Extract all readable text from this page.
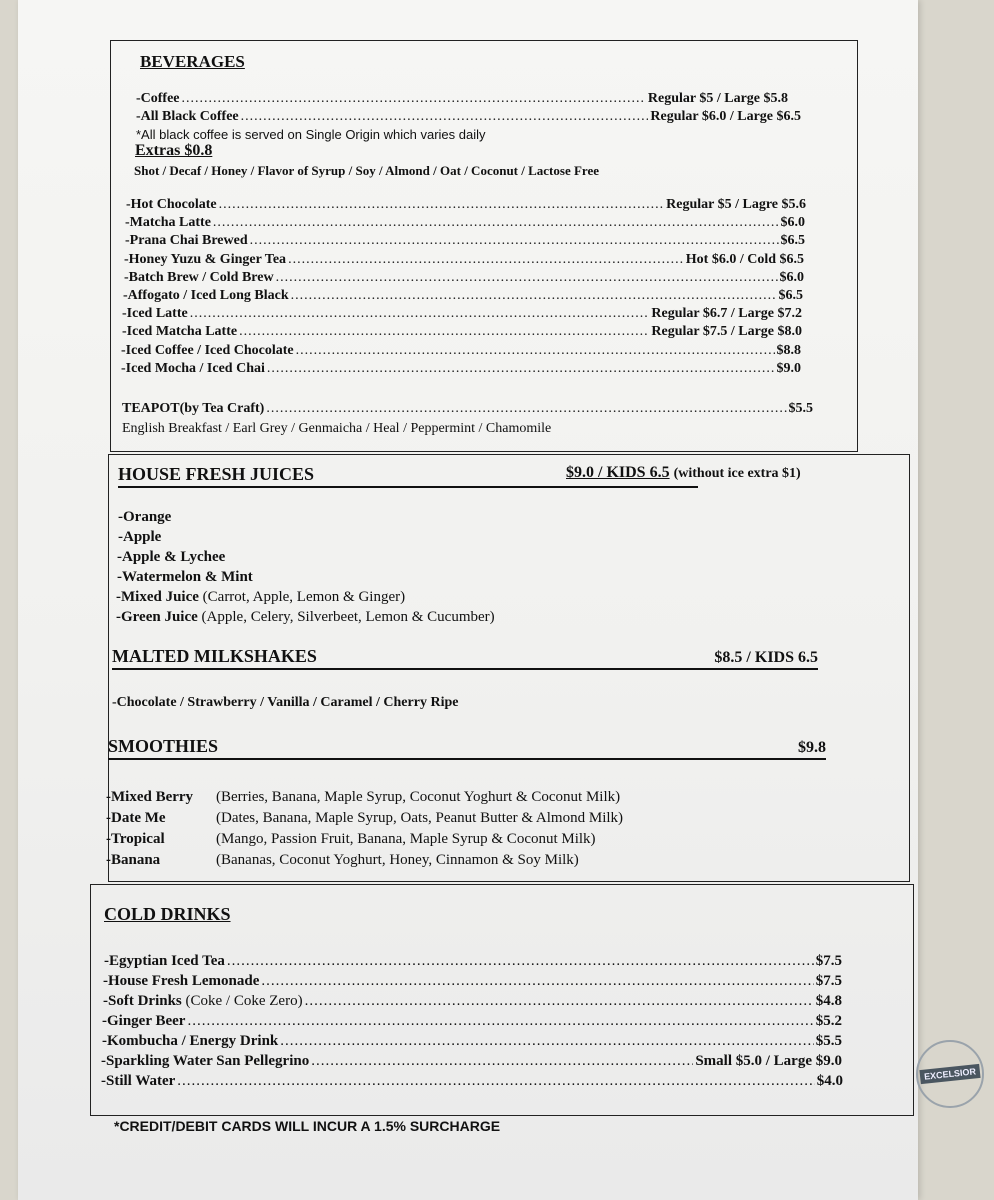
BEVERAGES
-Coffee .....	Regular $5 / Large $5.8
-All Black Coffee .....	Regular $6.0 / Large $6.5
*All black coffee is served on Single Origin which varies daily
Extras $0.8
Shot / Decaf / Honey / Flavor of Syrup / Soy / Almond / Oat / Coconut / Lactose Free
-Hot Chocolate .....	Regular $5 / Lagre $5.6
-Matcha Latte .....	$6.0
-Prana Chai Brewed .....	$6.5
-Honey Yuzu & Ginger Tea .....	Hot $6.0 / Cold $6.5
-Batch Brew / Cold Brew .....	$6.0
-Affogato / Iced Long Black .....	$6.5
-Iced Latte .....	Regular $6.7 / Large $7.2
-Iced Matcha Latte .....	Regular $7.5 / Large $8.0
-Iced Coffee / Iced Chocolate .....	$8.8
-Iced Mocha / Iced Chai .....	$9.0
TEAPOT(by Tea Craft) .....	$5.5
English Breakfast / Earl Grey / Genmaicha / Heal / Peppermint / Chamomile
HOUSE FRESH JUICES	$9.0 / KIDS 6.5 (without ice extra $1)
-Orange
-Apple
-Apple & Lychee
-Watermelon & Mint
-Mixed Juice (Carrot, Apple, Lemon & Ginger)
-Green Juice (Apple, Celery, Silverbeet, Lemon & Cucumber)
MALTED MILKSHAKES	$8.5 / KIDS 6.5
-Chocolate / Strawberry / Vanilla / Caramel / Cherry Ripe
SMOOTHIES	$9.8
-Mixed Berry (Berries, Banana, Maple Syrup, Coconut Yoghurt & Coconut Milk)
-Date Me	(Dates, Banana, Maple Syrup, Oats, Peanut Butter & Almond Milk)
-Tropical	(Mango, Passion Fruit, Banana, Maple Syrup & Coconut Milk)
-Banana	(Bananas, Coconut Yoghurt, Honey, Cinnamon & Soy Milk)
COLD DRINKS
-Egyptian Iced Tea .....	$7.5
-House Fresh Lemonade .....	$7.5
-Soft Drinks
(Coke / Coke Zero) .....	$4.8
-Ginger Beer .....	$5.2
-Kombucha / Energy Drink .....	$5.5
-Sparkling Water San Pellegrino .....	Small $5.0 / Large $9.0
-Still Water .....	$4.0
*CREDIT/DEBIT CARDS WILL INCUR A 1.5% SURCHARGE
EXCELSIOR
